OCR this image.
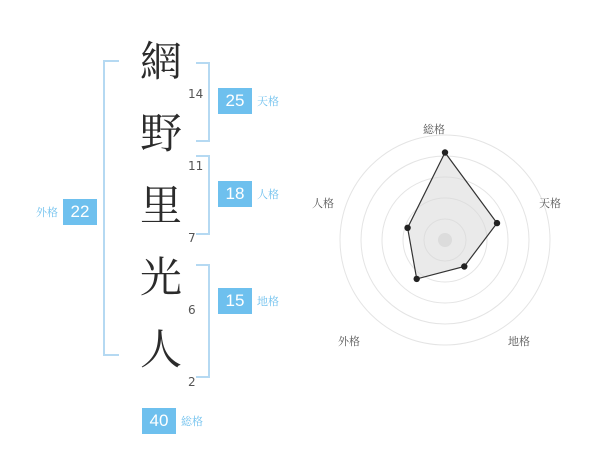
網
14
野
11
里
7
光
6
人
2
外格 22
25	天格
18	人格
15	地格
40	総格
総格
天格
地格
外格
人格
